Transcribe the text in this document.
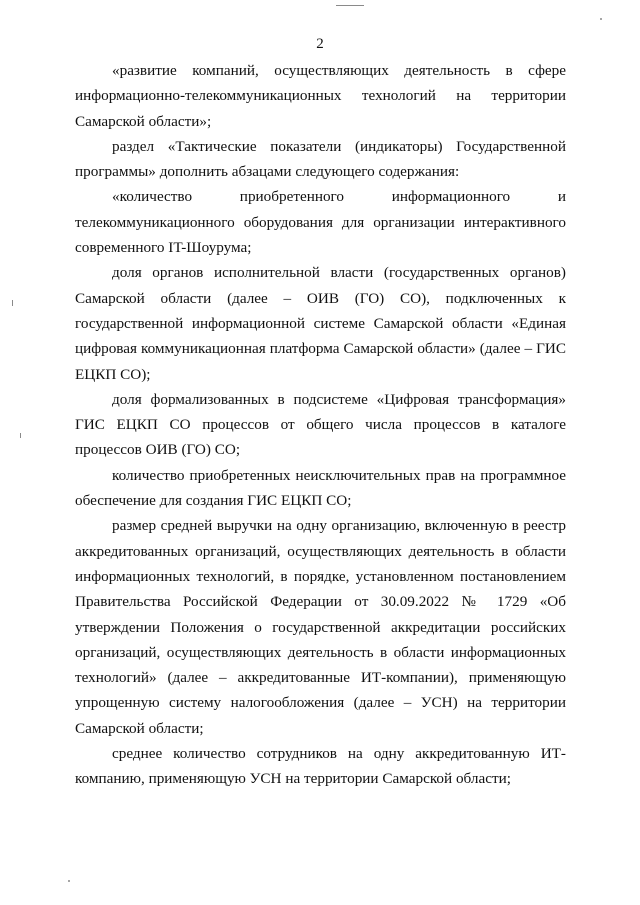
2

«развитие компаний, осуществляющих деятельность в сфере информационно-телекоммуникационных технологий на территории Самарской области»;

раздел «Тактические показатели (индикаторы) Государственной программы» дополнить абзацами следующего содержания:

«количество приобретенного информационного и телекоммуникационного оборудования для организации интерактивного современного IT-Шоурума;

доля органов исполнительной власти (государственных органов) Самарской области (далее – ОИВ (ГО) СО), подключенных к государственной информационной системе Самарской области «Единая цифровая коммуникационная платформа Самарской области» (далее – ГИС ЕЦКП СО);

доля формализованных в подсистеме «Цифровая трансформация» ГИС ЕЦКП СО процессов от общего числа процессов в каталоге процессов ОИВ (ГО) СО;

количество приобретенных неисключительных прав на программное обеспечение для создания ГИС ЕЦКП СО;

размер средней выручки на одну организацию, включенную в реестр аккредитованных организаций, осуществляющих деятельность в области информационных технологий, в порядке, установленном постановлением Правительства Российской Федерации от 30.09.2022 № 1729 «Об утверждении Положения о государственной аккредитации российских организаций, осуществляющих деятельность в области информационных технологий» (далее – аккредитованные ИТ-компании), применяющую упрощенную систему налогообложения (далее – УСН) на территории Самарской области;

среднее количество сотрудников на одну аккредитованную ИТ-компанию, применяющую УСН на территории Самарской области;
